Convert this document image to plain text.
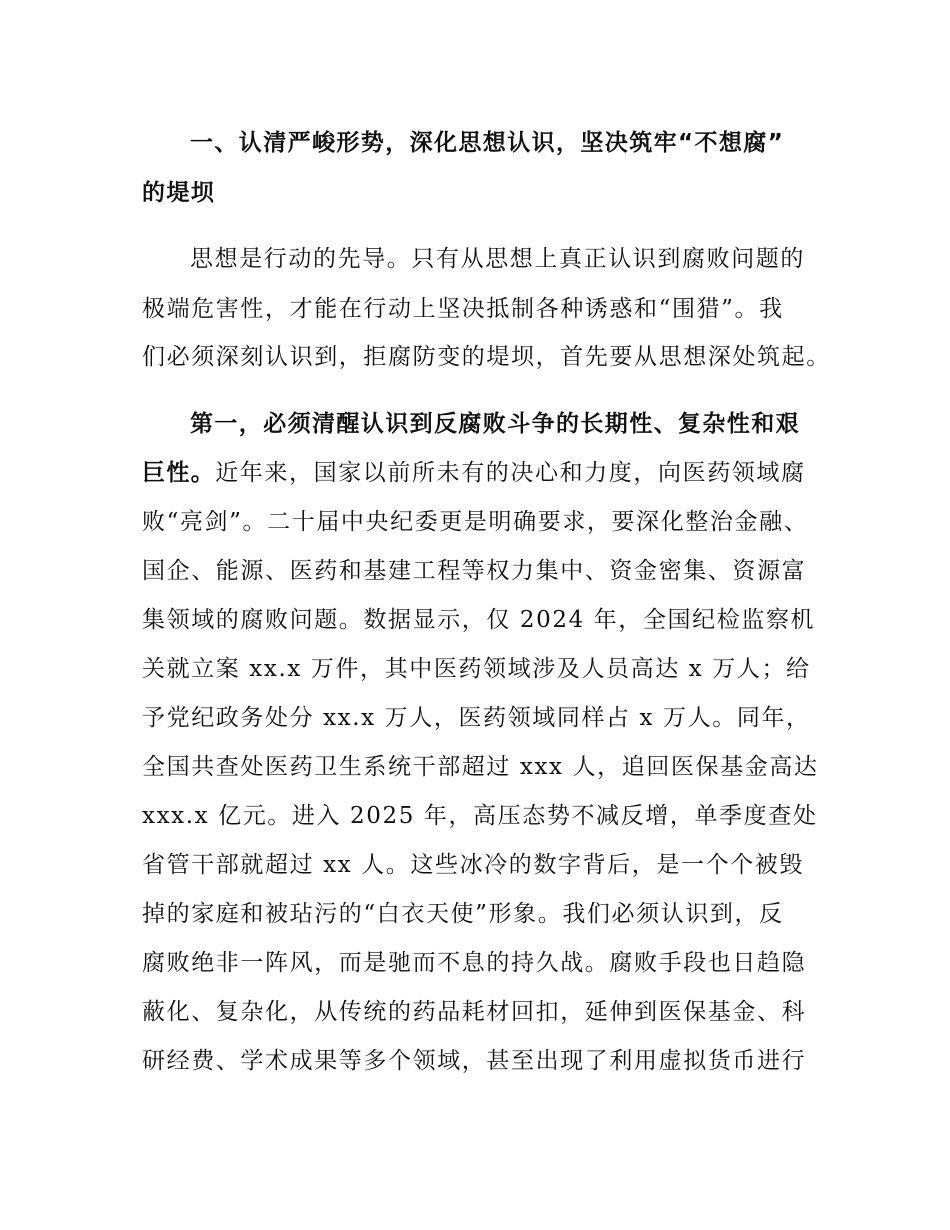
一、认清严峻形势，深化思想认识，坚决筑牢“不想腐”
的堤坝
思想是行动的先导。只有从思想上真正认识到腐败问题的
极端危害性，才能在行动上坚决抵制各种诱惑和“围猎”。我
们必须深刻认识到，拒腐防变的堤坝，首先要从思想深处筑起。
第一，必须清醒认识到反腐败斗争的长期性、复杂性和艰
巨性。近年来，国家以前所未有的决心和力度，向医药领域腐
败“亮剑”。二十届中央纪委更是明确要求，要深化整治金融、
国企、能源、医药和基建工程等权力集中、资金密集、资源富
集领域的腐败问题。数据显示，仅 2024 年，全国纪检监察机
关就立案 xx.x 万件，其中医药领域涉及人员高达 x 万人；给
予党纪政务处分 xx.x 万人，医药领域同样占 x 万人。同年，
全国共查处医药卫生系统干部超过 xxx 人，追回医保基金高达
xxx.x 亿元。进入 2025 年，高压态势不减反增，单季度查处
省管干部就超过 xx 人。这些冰冷的数字背后，是一个个被毁
掉的家庭和被玷污的“白衣天使”形象。我们必须认识到，反
腐败绝非一阵风，而是驰而不息的持久战。腐败手段也日趋隐
蔽化、复杂化，从传统的药品耗材回扣，延伸到医保基金、科
研经费、学术成果等多个领域，甚至出现了利用虚拟货币进行
